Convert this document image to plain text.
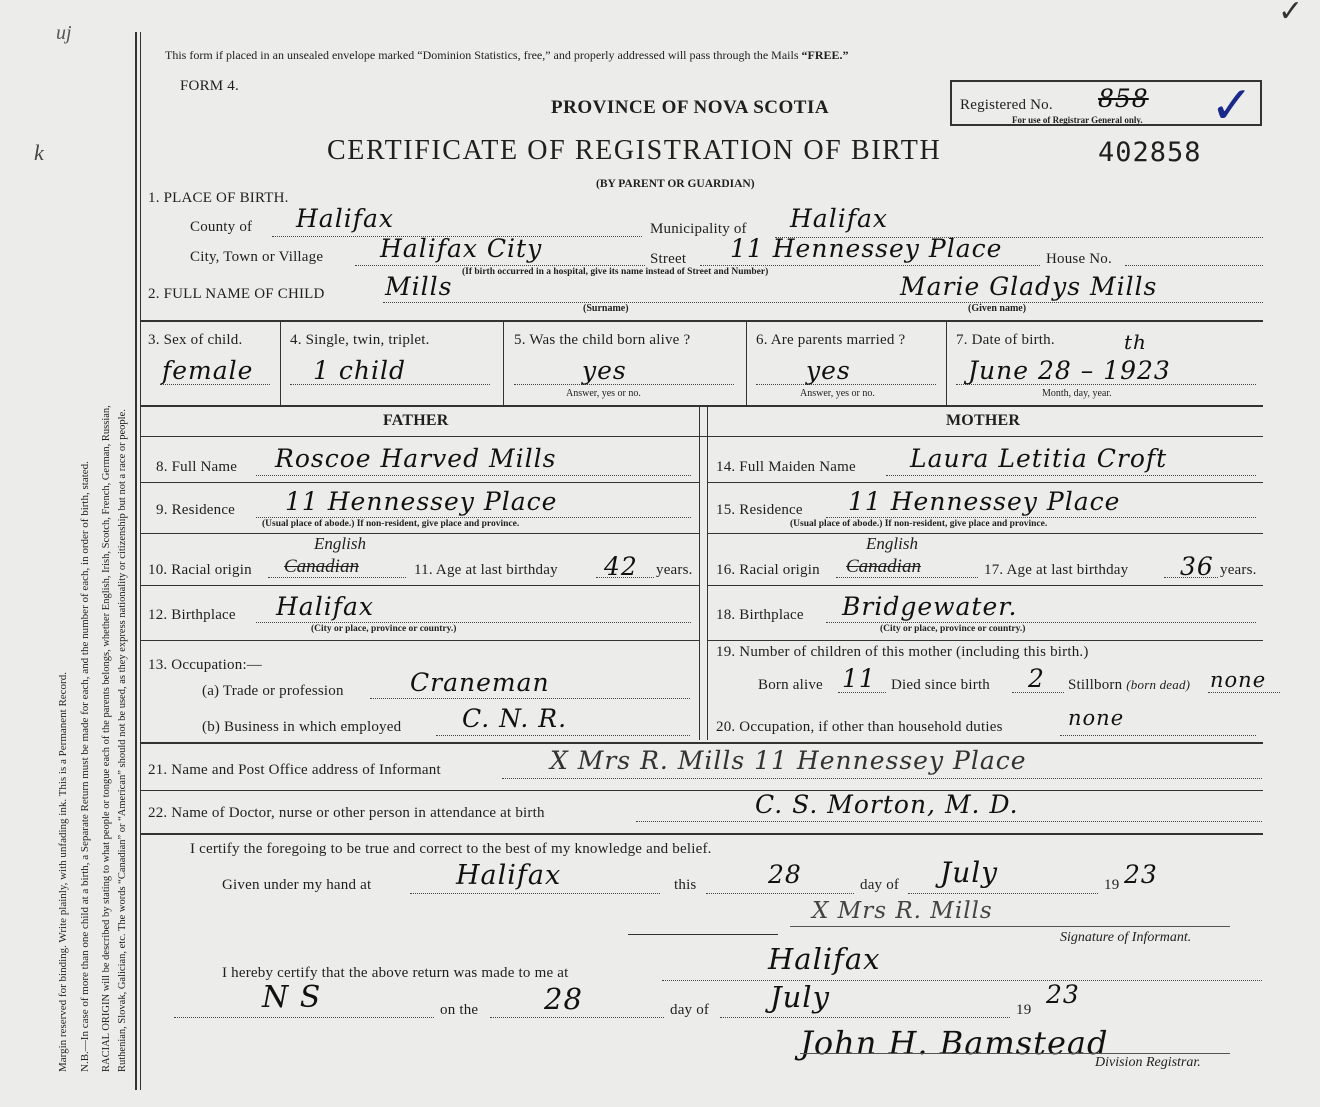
Margin reserved for binding. Write plainly, with unfading ink. This is a Permanent Record. N.B.—In case of more than one child at a birth, a Separate Return must be made for each, and the number of each, in order of birth, stated. RACIAL ORIGIN will be described by stating to what people or tongue each of the parents belongs, whether English, Irish, Scotch, French, German, Russian, Ruthenian, Slovak, Galician, etc. The words “Canadian” or “American” should not be used, as they express nationality or citizenship but not a race or people.
This form if placed in an unsealed envelope marked “Dominion Statistics, free,” and properly addressed will pass through the Mails “FREE.”
FORM 4.
PROVINCE OF NOVA SCOTIA	Registered No. 858
For use of Registrar General only. ✓
✓
CERTIFICATE OF REGISTRATION OF BIRTH	402858
(BY PARENT OR GUARDIAN)
1. PLACE OF BIRTH.
County of Halifax	Municipality of Halifax
City, Town or Village Halifax City	Street 11 Hennessey Place	House No.
(If birth occurred in a hospital, give its name instead of Street and Number)
2. FULL NAME OF CHILD Mills
(Surname)
Marie Gladys Mills
(Given name)
3. Sex of child.
female
4. Single, twin, triplet.
1 child
5. Was the child born alive ?
yes
Answer, yes or no.
6. Are parents married ?
yes
Answer, yes or no.
7. Date of birth.
June 28 – 1923
th
Month, day, year.
FATHER	MOTHER
8. Full Name Roscoe Harved Mills
9. Residence 11 Hennessey Place
(Usual place of abode.) If non-resident, give place and province.
10. Racial origin Canadian
English
11. Age at last birthday 42 years.
12. Birthplace Halifax
(City or place, province or country.)
13. Occupation:—
(a) Trade or profession	Craneman
(b) Business in which employed C. N. R.
14. Full Maiden Name Laura Letitia Croft
15. Residence 11 Hennessey Place
(Usual place of abode.) If non-resident, give place and province.
16. Racial origin Canadian
English
17. Age at last birthday 36 years.
18. Birthplace Bridgewater.
(City or place, province or country.)
19. Number of children of this mother (including this birth.)
Born alive 11 Died since birth 2 Stillborn (born dead) none
20. Occupation, if other than household duties	none
21. Name and Post Office address of Informant	X Mrs R. Mills 11 Hennessey Place
22. Name of Doctor, nurse or other person in attendance at birth	C. S. Morton, M. D.
I certify the foregoing to be true and correct to the best of my knowledge and belief.
Given under my hand at	Halifax	this	28	day of July	19 23
X Mrs R. Mills
Signature of Informant.
I hereby certify that the above return was made to me at	Halifax
N S	on the 28	day of July	19
23
John H. Bamstead
Division Registrar.
k
uj
